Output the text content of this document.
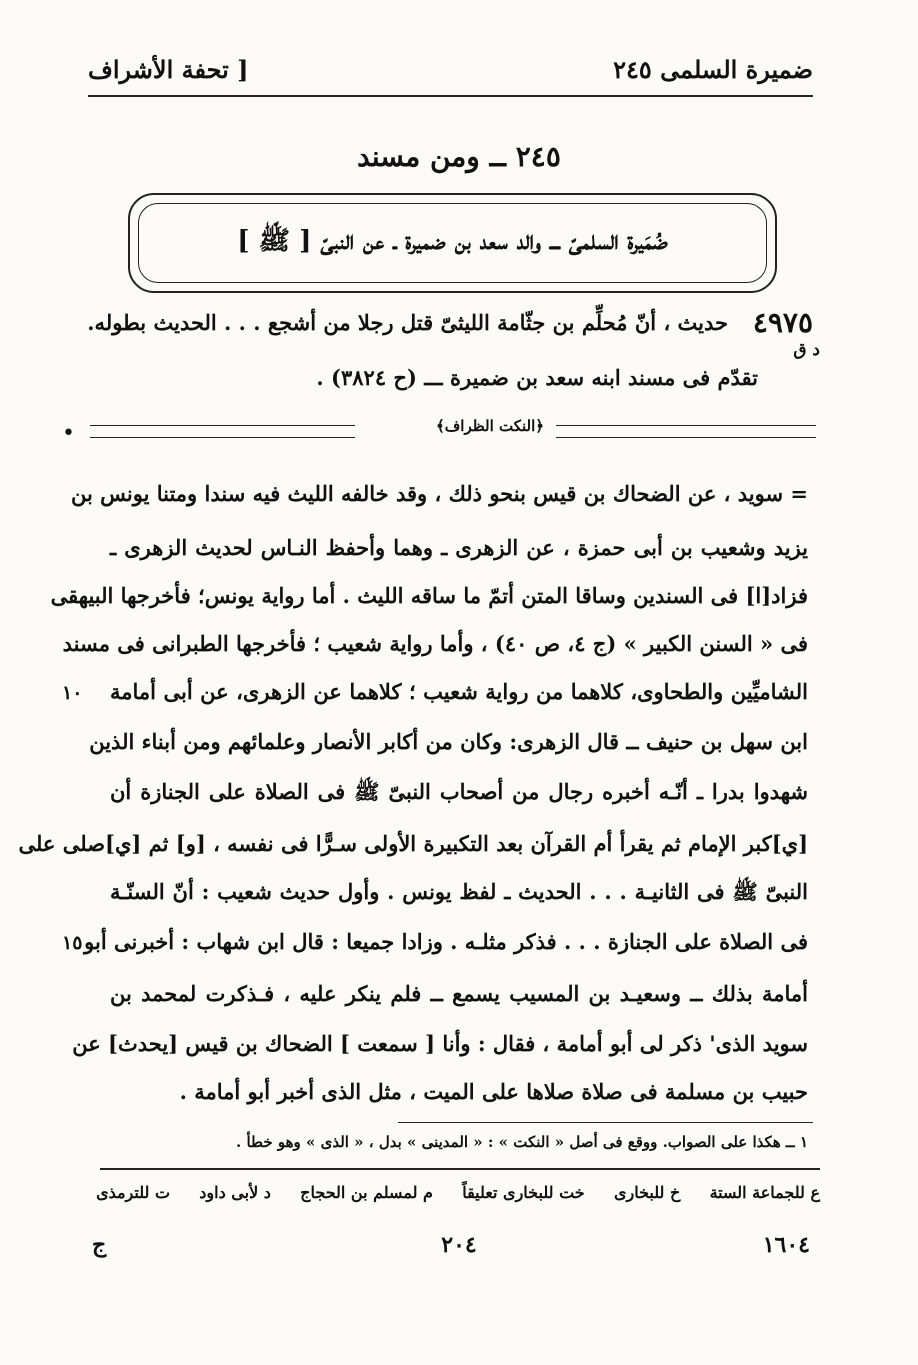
ضميرة السلمى ٢٤٥
[ تحفة الأشراف
٢٤٥ ــ ومن مسند
ضُمَيرة السلمىّ ـــ والد سعد بن ضميرة ـ عن النبىّ [ ﷺ ]
٤٩٧٥
حديث ، أنّ مُحلِّم بن جثّامة الليثىّ قتل رجلا من أشجع . . . الحديث بطوله.
د ق
تقدّم فى مسند ابنه سعد بن ضميرة ـــ (ح ٣٨٢٤) .
•	﴿النكت الظراف﴾
= سويد ، عن الضحاك بن قيس بنحو ذلك ، وقد خالفه الليث فيه سندا ومتنا يونس بن
يزيد وشعيب بن أبى حمزة ، عن الزهرى ـ وهما وأحفظ النـاس لحديث الزهرى ـ
فزاد[ا] فى السندين وساقا المتن أتمّ ما ساقه الليث . أما رواية يونس؛ فأخرجها البيهقى
فى « السنن الكبير » (ج ٤، ص ٤٠) ، وأما رواية شعيب ؛ فأخرجها الطبرانى فى مسند
الشاميِّين والطحاوى، كلاهما من رواية شعيب ؛ كلاهما عن الزهرى، عن أبى أمامة
ابن سهل بن حنيف ــ قال الزهرى: وكان من أكابر الأنصار وعلمائهم ومن أبناء الذين
شهدوا بدرا ـ أنّـه أخبره رجال من أصحاب النبىّ ﷺ فى الصلاة على الجنازة أن
[ي]كبر الإمام ثم يقرأ أم القرآن بعد التكبيرة الأولى سـرًّا فى نفسه ، [و] ثم [ي]صلى على
النبىّ ﷺ فى الثانيـة . . . الحديث ـ لفظ يونس . وأول حديث شعيب : أنّ السنّـة
فى الصلاة على الجنازة . . . فذكر مثلـه . وزادا جميعا : قال ابن شهاب : أخبرنى أبو
أمامة بذلك ــ وسعيـد بن المسيب يسمع ــ فلم ينكر عليه ، فـذكرت لمحمد بن
سويد الذى' ذكر لى أبو أمامة ، فقال : وأنا [ سمعت ] الضحاك بن قيس [يحدث] عن
حبيب بن مسلمة فى صلاة صلاها على الميت ، مثل الذى أخبر أبو أمامة .
١٠
١٥
١ ــ هكذا على الصواب. ووقع فى أصل « النكت » : « المدينى » بدل ، « الذى » وهو خطأ .
ع للجماعة الستة
خ للبخارى
خت للبخارى تعليقاً
م لمسلم بن الحجاج
د لأبى داود
ت للترمذى
١٦٠٤
٢٠٤
ج
